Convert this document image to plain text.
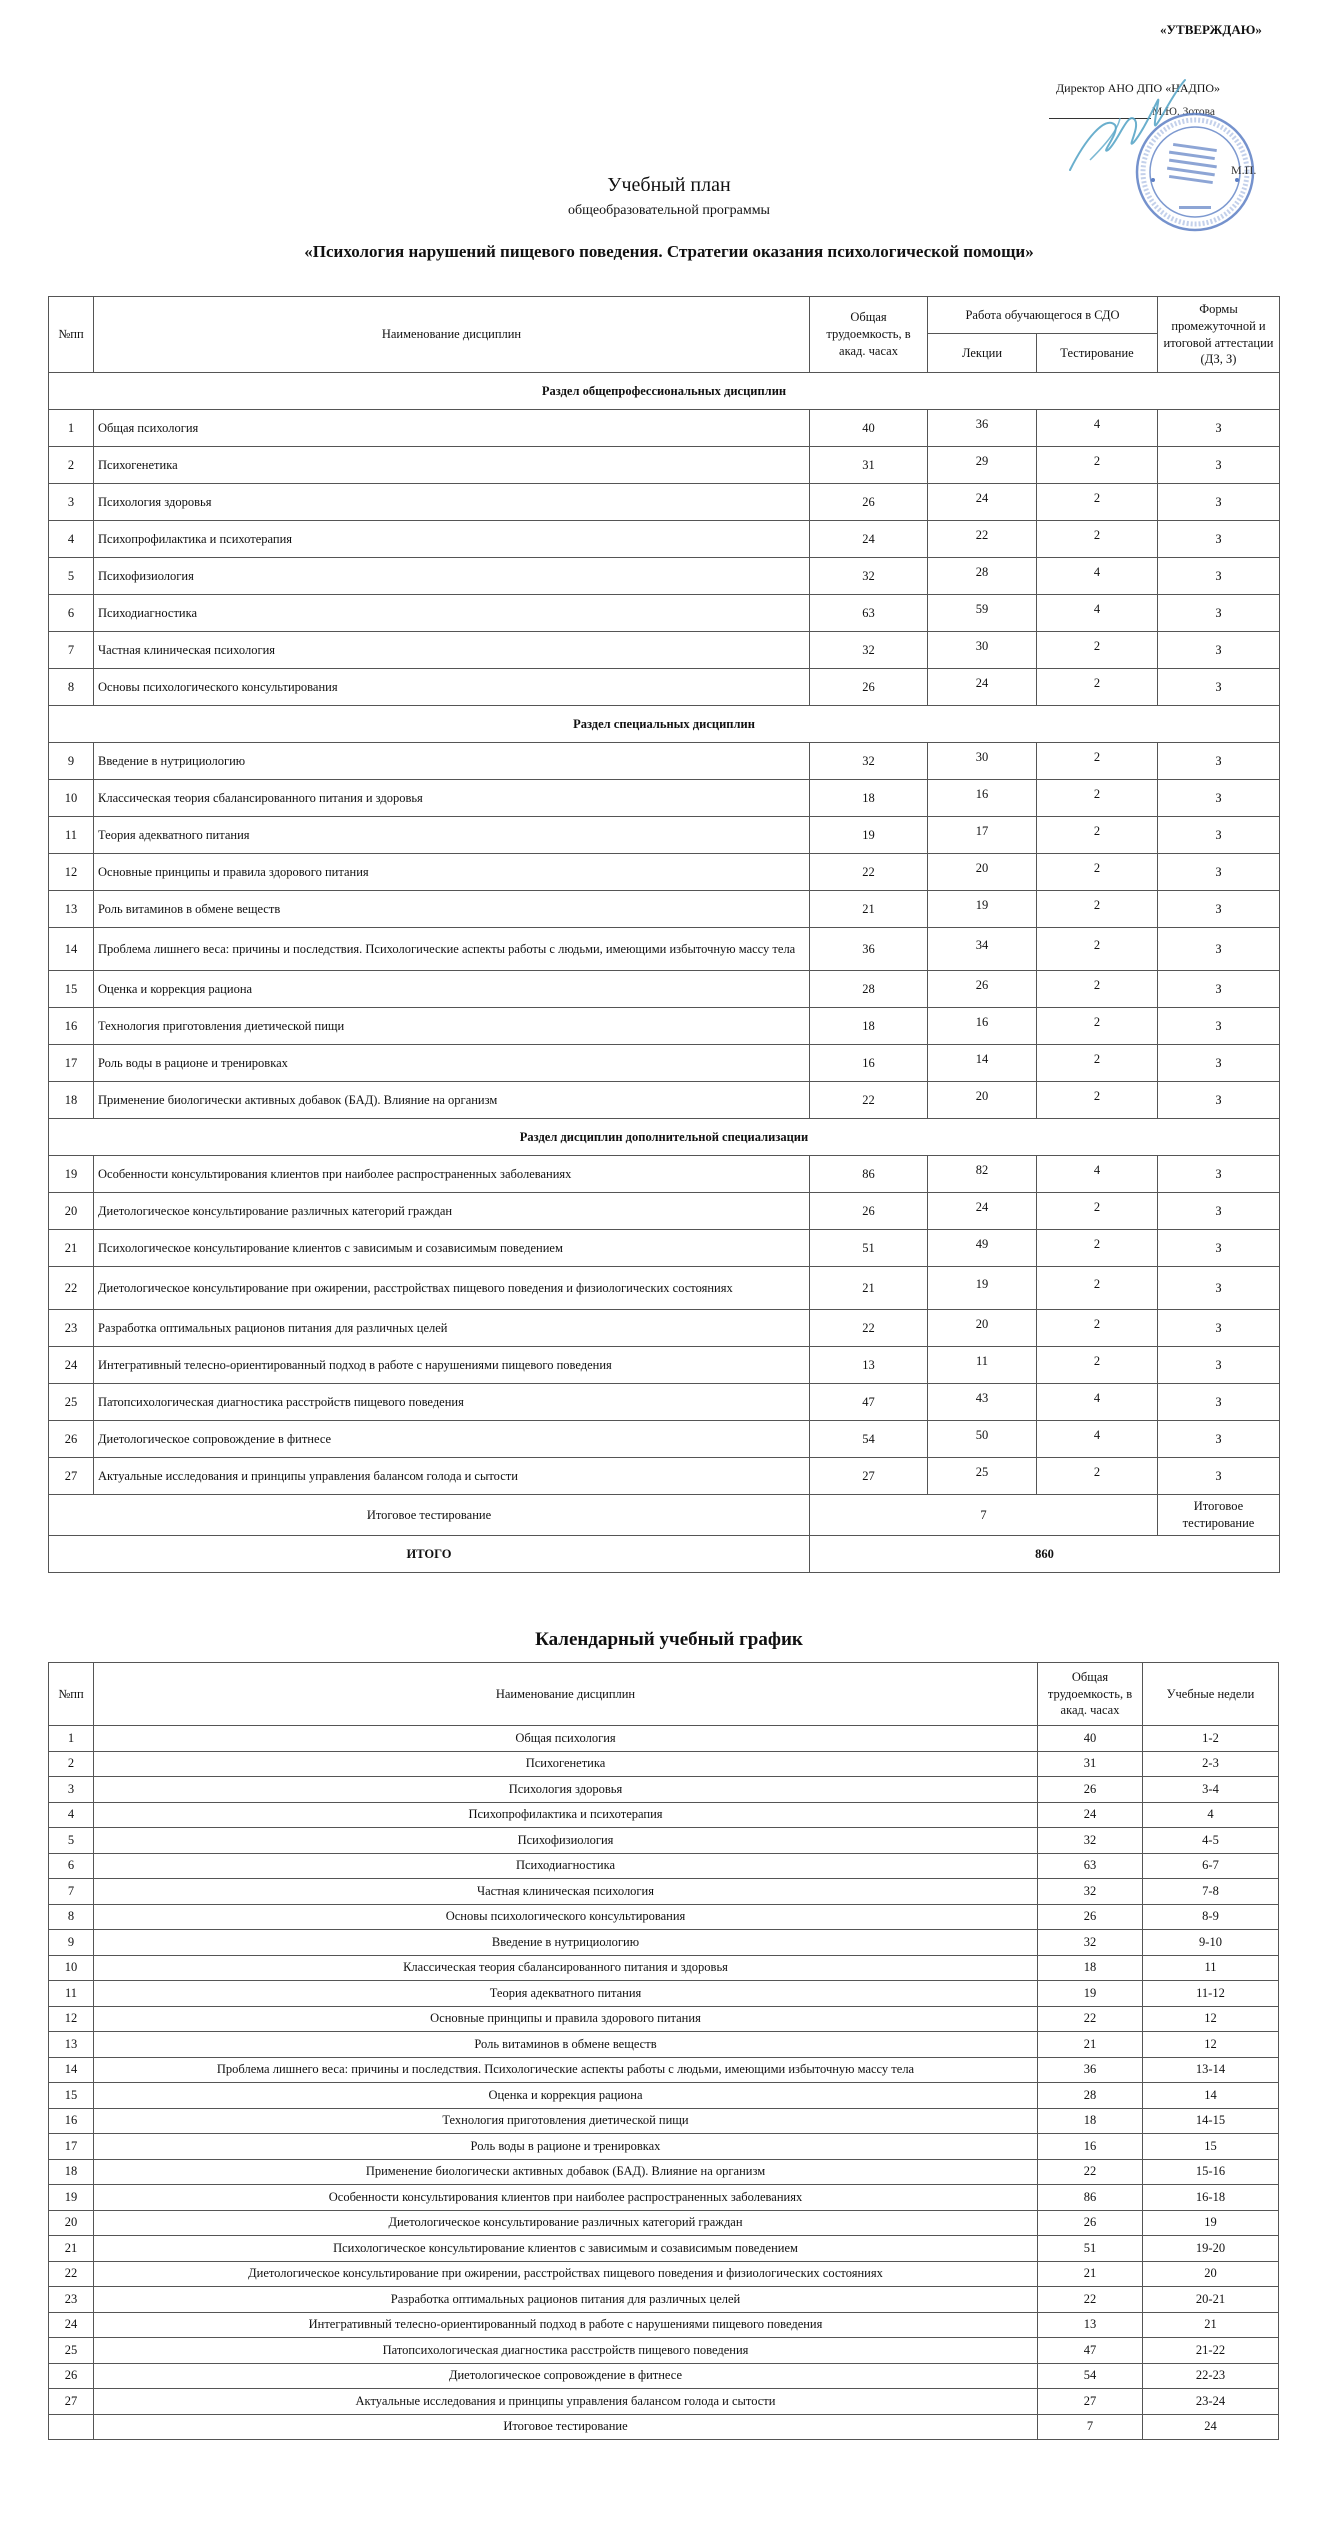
«УТВЕРЖДАЮ»
Директор АНО ДПО «НАДПО»
М.Ю. Зотова
М.П.
Учебный план
общеобразовательной программы
«Психология нарушений пищевого поведения. Стратегии оказания психологической помощи»
№пп	Наименование дисциплин	Общая трудоемкость, в акад. часах	Работа обучающегося в СДО		Формы промежуточной и итоговой аттестации (ДЗ, З)
			Лекции	Тестирование	
Раздел общепрофессиональных дисциплин					
1	Общая психология	40	36	4	З
2	Психогенетика	31	29	2	З
3	Психология здоровья	26	24	2	З
4	Психопрофилактика и психотерапия	24	22	2	З
5	Психофизиология	32	28	4	З
6	Психодиагностика	63	59	4	З
7	Частная клиническая психология	32	30	2	З
8	Основы психологического консультирования	26	24	2	З
Раздел специальных дисциплин					
9	Введение в нутрициологию	32	30	2	З
10	Классическая теория сбалансированного питания и здоровья	18	16	2	З
11	Теория адекватного питания	19	17	2	З
12	Основные принципы и правила здорового питания	22	20	2	З
13	Роль витаминов в обмене веществ	21	19	2	З
14	Проблема лишнего веса: причины и последствия. Психологические аспекты работы с людьми, имеющими избыточную массу тела	36	34	2	З
15	Оценка и коррекция рациона	28	26	2	З
16	Технология приготовления диетической пищи	18	16	2	З
17	Роль воды в рационе и тренировках	16	14	2	З
18	Применение биологически активных добавок (БАД). Влияние на организм	22	20	2	З
Раздел дисциплин дополнительной специализации					
19	Особенности консультирования клиентов при наиболее распространенных заболеваниях	86	82	4	З
20	Диетологическое консультирование различных категорий граждан	26	24	2	З
21	Психологическое консультирование клиентов с зависимым и созависимым поведением	51	49	2	З
22	Диетологическое консультирование при ожирении, расстройствах пищевого поведения и физиологических состояниях	21	19	2	З
23	Разработка оптимальных рационов питания для различных целей	22	20	2	З
24	Интегративный телесно-ориентированный подход в работе с нарушениями пищевого поведения	13	11	2	З
25	Патопсихологическая диагностика расстройств пищевого поведения	47	43	4	З
26	Диетологическое сопровождение в фитнесе	54	50	4	З
27	Актуальные исследования и принципы управления балансом голода и сытости	27	25	2	З
Итоговое тестирование		7			Итоговое тестирование
ИТОГО		860			
Календарный учебный график
№пп	Наименование дисциплин	Общая трудоемкость, в акад. часах	Учебные недели
1	Общая психология	40	1-2
2	Психогенетика	31	2-3
3	Психология здоровья	26	3-4
4	Психопрофилактика и психотерапия	24	4
5	Психофизиология	32	4-5
6	Психодиагностика	63	6-7
7	Частная клиническая психология	32	7-8
8	Основы психологического консультирования	26	8-9
9	Введение в нутрициологию	32	9-10
10	Классическая теория сбалансированного питания и здоровья	18	11
11	Теория адекватного питания	19	11-12
12	Основные принципы и правила здорового питания	22	12
13	Роль витаминов в обмене веществ	21	12
14	Проблема лишнего веса: причины и последствия. Психологические аспекты работы с людьми, имеющими избыточную массу тела	36	13-14
15	Оценка и коррекция рациона	28	14
16	Технология приготовления диетической пищи	18	14-15
17	Роль воды в рационе и тренировках	16	15
18	Применение биологически активных добавок (БАД). Влияние на организм	22	15-16
19	Особенности консультирования клиентов при наиболее распространенных заболеваниях	86	16-18
20	Диетологическое консультирование различных категорий граждан	26	19
21	Психологическое консультирование клиентов с зависимым и созависимым поведением	51	19-20
22	Диетологическое консультирование при ожирении, расстройствах пищевого поведения и физиологических состояниях	21	20
23	Разработка оптимальных рационов питания для различных целей	22	20-21
24	Интегративный телесно-ориентированный подход в работе с нарушениями пищевого поведения	13	21
25	Патопсихологическая диагностика расстройств пищевого поведения	47	21-22
26	Диетологическое сопровождение в фитнесе	54	22-23
27	Актуальные исследования и принципы управления балансом голода и сытости	27	23-24
	Итоговое тестирование	7	24
